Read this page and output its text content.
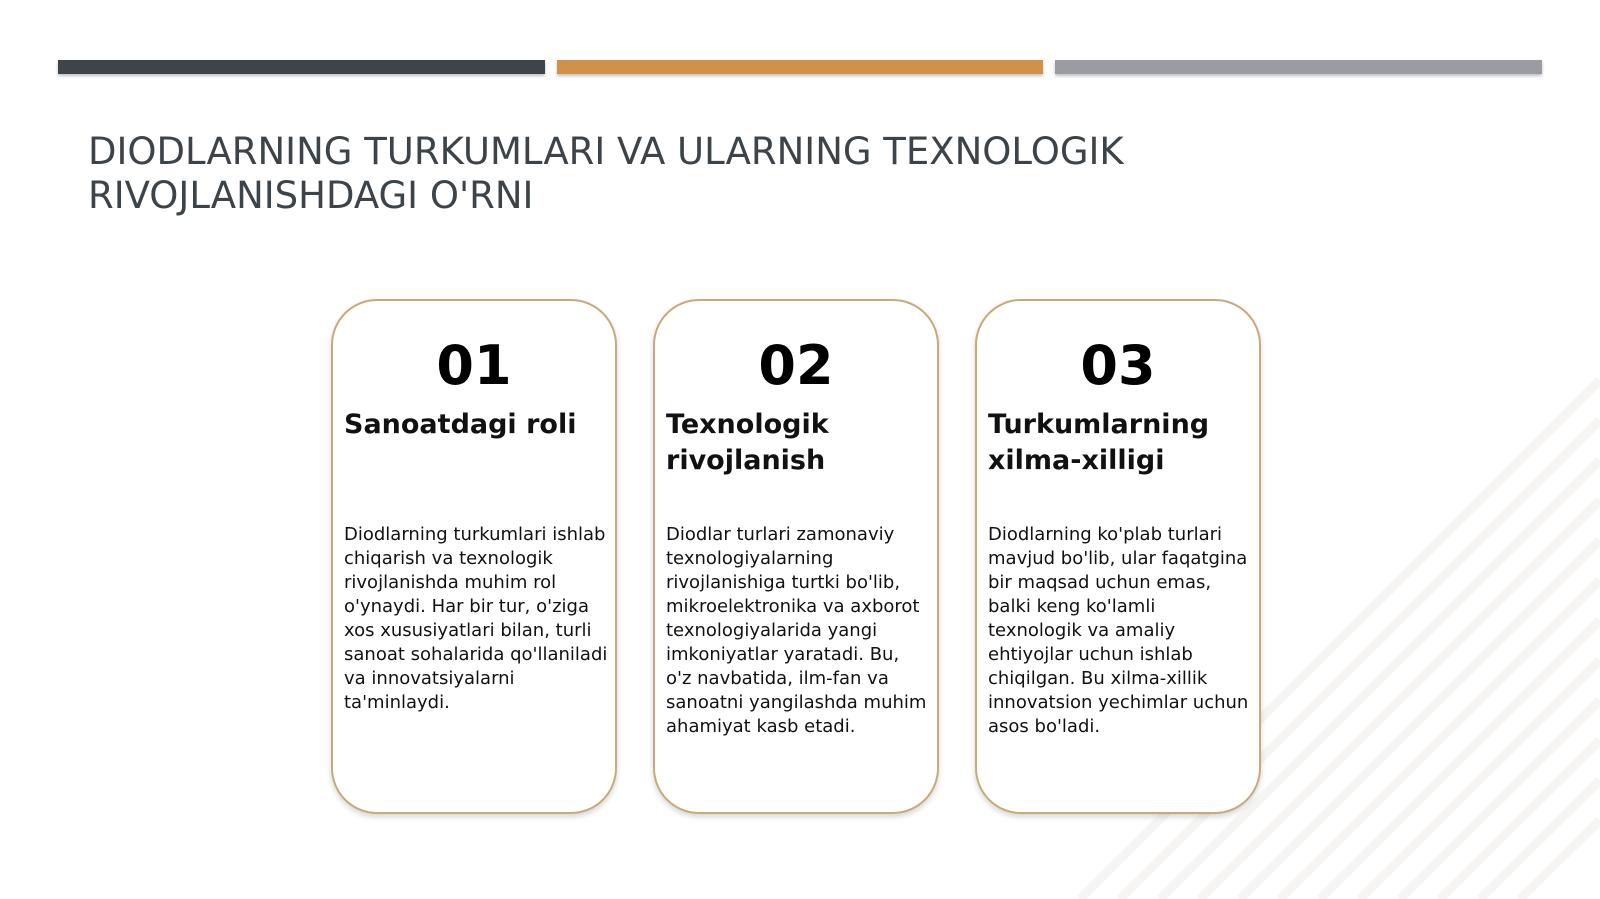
DIODLARNING TURKUMLARI VA ULARNING TEXNOLOGIK RIVOJLANISHDAGI O'RNI
01
Sanoatdagi roli
Diodlarning turkumlari ishlab chiqarish va texnologik rivojlanishda muhim rol o'ynaydi. Har bir tur, o'ziga xos xususiyatlari bilan, turli sanoat sohalarida qo'llaniladi va innovatsiyalarni ta'minlaydi.
02
Texnologik rivojlanish
Diodlar turlari zamonaviy texnologiyalarning rivojlanishiga turtki bo'lib, mikroelektronika va axborot texnologiyalarida yangi imkoniyatlar yaratadi. Bu, o'z navbatida, ilm-fan va sanoatni yangilashda muhim ahamiyat kasb etadi.
03
Turkumlarning xilma-xilligi
Diodlarning ko'plab turlari mavjud bo'lib, ular faqatgina bir maqsad uchun emas, balki keng ko'lamli texnologik va amaliy ehtiyojlar uchun ishlab chiqilgan. Bu xilma-xillik innovatsion yechimlar uchun asos bo'ladi.
